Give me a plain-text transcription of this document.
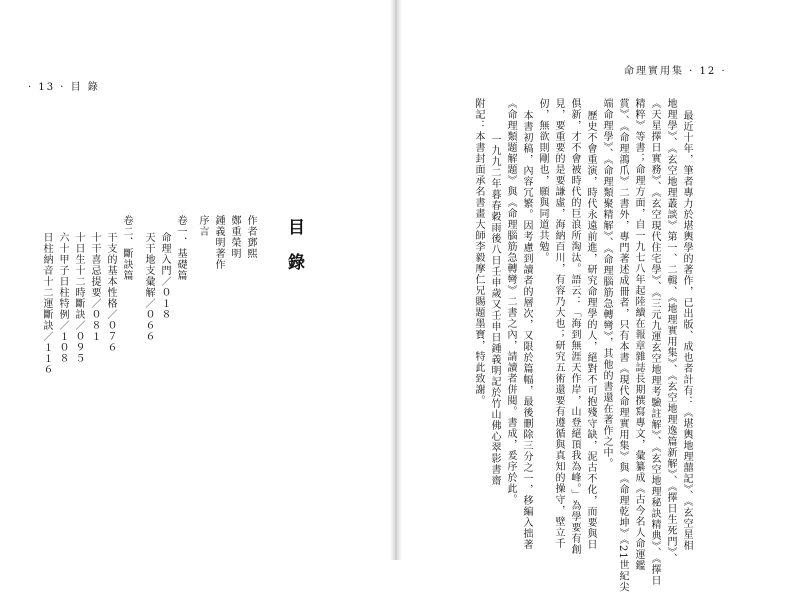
· 13 · 目 錄
目錄
作者鄧熙
鄭重榮明
鍾義明著作
序言
卷一．基礎篇
命理入門／０１８
天干地支彙解／０６６
卷二．斷訣篇
干支的基本性格／０７６
十干喜忌提要／０８１
十日生十二時斷訣／０９５
六十甲子日柱特例／１０８
日柱納音十二運斷訣／１１６
命理實用集 · 12 ·
最近十年，筆者專力於堪輿學的著作，已出版、成也者計有：《堪輿地理囍記》、《玄空星相
地理學》、《玄空地理叢談》第一、二輯、《地理實用集》、《玄空地理逸篇新解》、《擇日生死門》、
《天星擇日實務》、《玄空現代住宅學》、《三元九運玄空地理考驗註解》、《玄空地理秘訣精典》、《擇日
精粹》等書；命理方面，自一九七八年起陸續在報章雜誌長期撰寫專文，彙纂成《古今名人命運鑑
賞》、《命理鴻爪》二書外，專門著述成冊者，只有本書《現代命理實用集》與《命理乾坤》《21世紀尖
端命理學》、《命理類聚精解》、《命理腦筋急轉彎》，其他的書還在著作之中。
歷史不會重演，時代永遠前進，研究命理學的人，絕對不可抱殘守缺，泥古不化，而要與日
俱新，才不會被時代的巨浪所淘汰。語云：「海到無涯天作岸，山登絕頂我為峰。」為學要有創
見，要重要的是要謙虛，海納百川，有容乃大也；研究五術還要有遵循與真知的操守，壁立千
仞，無欲則剛也，願與同道共勉。
本書初稿，內容冗繁。因考慮到讀者的層次，又限於篇幅，最後刪除三分之一，移編入拙著
《命理類題解題》與《命理腦筋急轉彎》二書之內，請讀者併閱。書成，爰序於此。
一九九二年暮春穀雨後八日壬申歲又壬申日鍾義明記於竹山佛心翠影書齋
附記：本書封面承名書畫大師李毅摩仁兄賜題墨寶，特此致謝。
